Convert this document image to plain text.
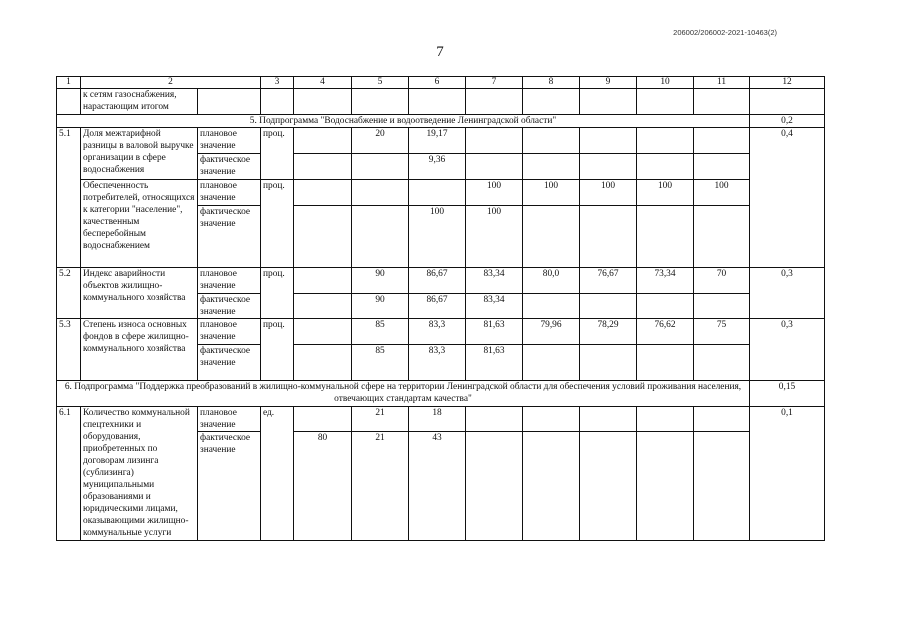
206002/206002-2021-10463(2)
7
1	2		3	4	5	6	7	8	9	10	11	12
	к сетям газоснабжения, нарастающим итогом											
5. Подпрограмма "Водоснабжение и водоотведение Ленинградской области"												0,2
5.1	Доля межтарифной разницы в валовой выручке организации в сфере водоснабжения	плановое значение	проц.		20	19,17						0,4
		фактическое значение				9,36						
	Обеспеченность потребителей, относящихся к категории "население", качественным бесперебойным водоснабжением	плановое значение	проц.				100	100	100	100	100	
		фактическое значение				100	100					
5.2	Индекс аварийности объектов жилищно-коммунального хозяйства	плановое значение	проц.		90	86,67	83,34	80,0	76,67	73,34	70	0,3
		фактическое значение			90	86,67	83,34					
5.3	Степень износа основных фондов в сфере жилищно-коммунального хозяйства	плановое значение	проц.		85	83,3	81,63	79,96	78,29	76,62	75	0,3
		фактическое значение			85	83,3	81,63					
6. Подпрограмма "Поддержка преобразований в жилищно-коммунальной сфере на территории Ленинградской области для обеспечения условий проживания населения, отвечающих стандартам качества"												0,15
6.1	Количество коммунальной спецтехники и оборудования, приобретенных по договорам лизинга (сублизинга) муниципальными образованиями и юридическими лицами, оказывающими жилищно-коммунальные услуги	плановое значение	ед.		21	18						0,1
		фактическое значение		80	21	43						
